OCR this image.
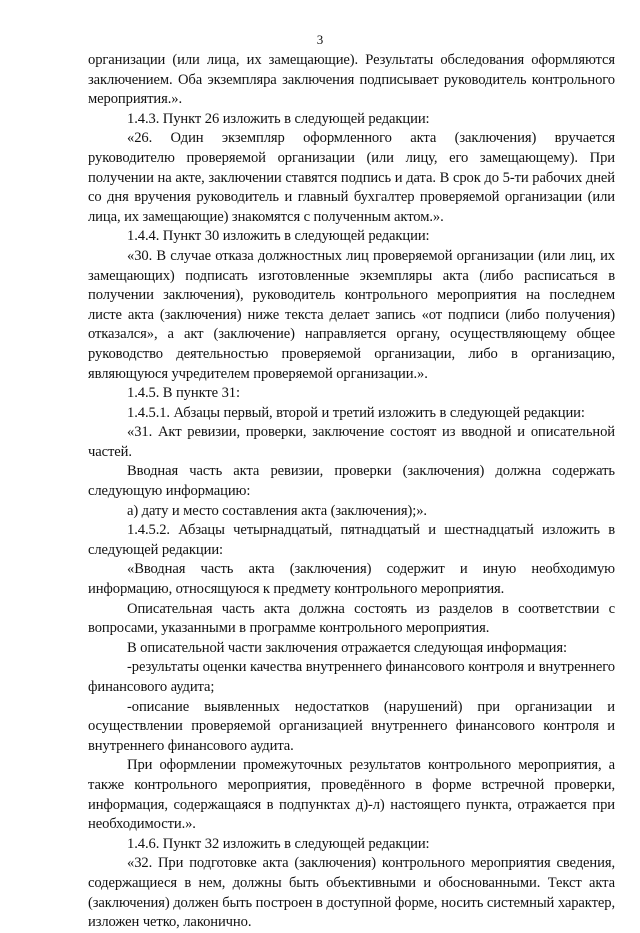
3

организации (или лица, их замещающие). Результаты обследования оформляются заключением. Оба экземпляра заключения подписывает руководитель контрольного мероприятия.».

1.4.3. Пункт 26 изложить в следующей редакции:

«26. Один экземпляр оформленного акта (заключения) вручается руководителю проверяемой организации (или лицу, его замещающему). При получении на акте, заключении ставятся подпись и дата. В срок до 5-ти рабочих дней со дня вручения руководитель и главный бухгалтер проверяемой организации (или лица, их замещающие) знакомятся с полученным актом.».

1.4.4. Пункт 30 изложить в следующей редакции:

«30. В случае отказа должностных лиц проверяемой организации (или лиц, их замещающих) подписать изготовленные экземпляры акта (либо расписаться в получении заключения), руководитель контрольного мероприятия на последнем листе акта (заключения) ниже текста делает запись «от подписи (либо получения) отказался», а акт (заключение) направляется органу, осуществляющему общее руководство деятельностью проверяемой организации, либо в организацию, являющуюся учредителем проверяемой организации.».

1.4.5. В пункте 31:

1.4.5.1. Абзацы первый, второй и третий изложить в следующей редакции:

«31. Акт ревизии, проверки, заключение состоят из вводной и описательной частей.

Вводная часть акта ревизии, проверки (заключения) должна содержать следующую информацию:

а) дату и место составления акта (заключения);».

1.4.5.2. Абзацы четырнадцатый, пятнадцатый и шестнадцатый изложить в следующей редакции:

«Вводная часть акта (заключения) содержит и иную необходимую информацию, относящуюся к предмету контрольного мероприятия.

Описательная часть акта должна состоять из разделов в соответствии с вопросами, указанными в программе контрольного мероприятия.

В описательной части заключения отражается следующая информация:

-результаты оценки качества внутреннего финансового контроля и внутреннего финансового аудита;

-описание выявленных недостатков (нарушений) при организации и осуществлении проверяемой организацией внутреннего финансового контроля и внутреннего финансового аудита.

При оформлении промежуточных результатов контрольного мероприятия, а также контрольного мероприятия, проведённого в форме встречной проверки, информация, содержащаяся в подпунктах д)-л) настоящего пункта, отражается при необходимости.».

1.4.6. Пункт 32 изложить в следующей редакции:

«32. При подготовке акта (заключения) контрольного мероприятия сведения, содержащиеся в нем, должны быть объективными и обоснованными. Текст акта (заключения) должен быть построен в доступной форме, носить системный характер, изложен четко, лаконично.
